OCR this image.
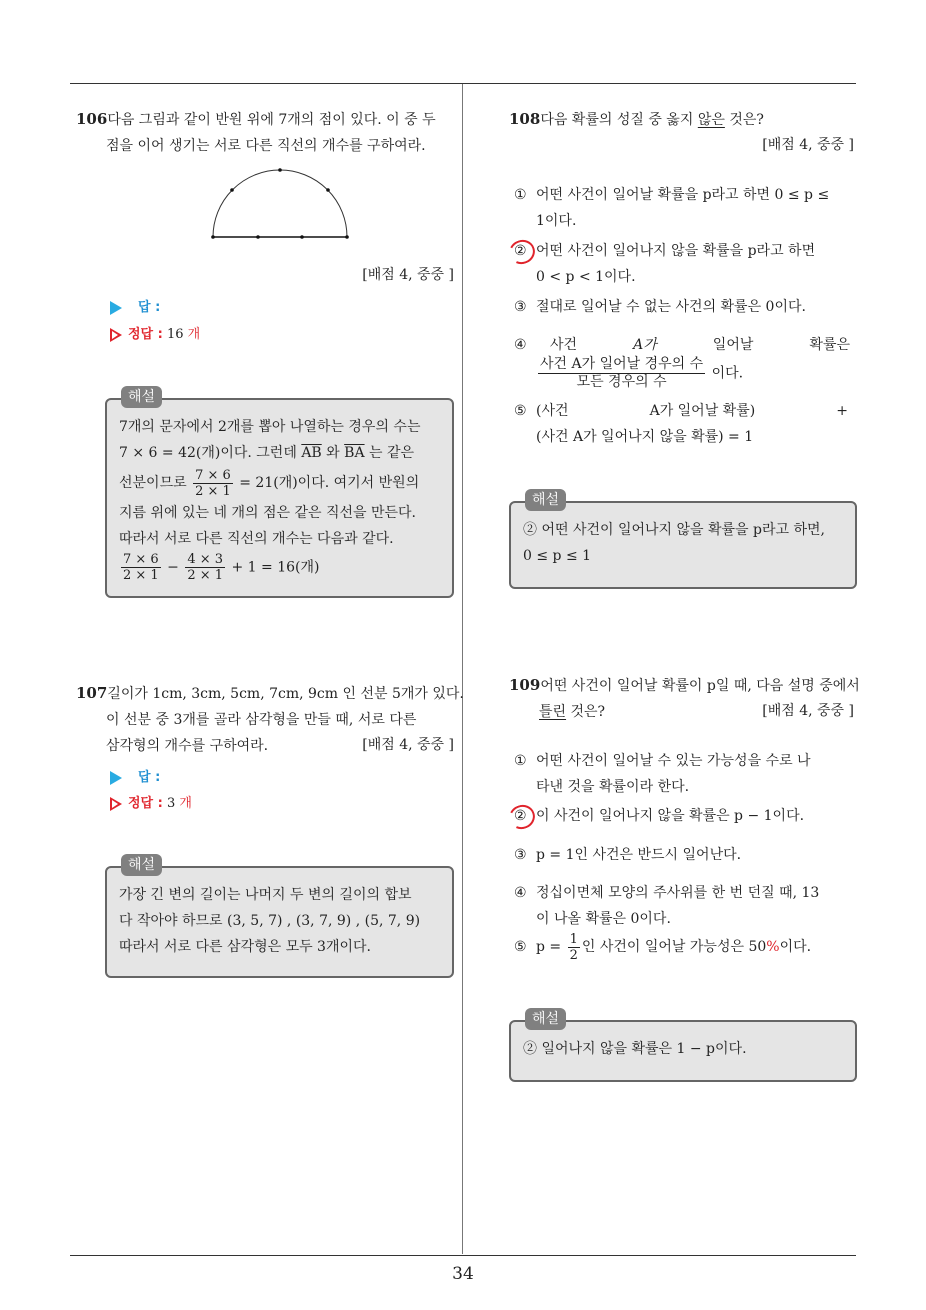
34
106다음 그림과 같이 반원 위에 7개의 점이 있다. 이 중 두
점을 이어 생기는 서로 다른 직선의 개수를 구하여라.
[배점 4, 중중 ]
답 :
정답 : 16 개
해설
7개의 문자에서 2개를 뽑아 나열하는 경우의 수는
7 × 6 = 42(개)이다. 그런데 $\overline{AB}$ 와 $\overline{BA}$ 는 같은
선분이므로 $\frac{7 \times 6}{2 \times 1} = 21$(개)이다. 여기서 반원의
지름 위에 있는 네 개의 점은 같은 직선을 만든다.
따라서 서로 다른 직선의 개수는 다음과 같다.
$\frac{7 \times 6}{2 \times 1} - \frac{4 \times 3}{2 \times 1} + 1 = 16$(개)
107길이가 1cm, 3cm, 5cm, 7cm, 9cm 인 선분 5개가 있다.
이 선분 중 3개를 골라 삼각형을 만들 때, 서로 다른
삼각형의 개수를 구하여라.	[배점 4, 중중 ]
답 :
정답 : 3 개
해설
가장 긴 변의 길이는 나머지 두 변의 길이의 합보
다 작아야 하므로 (3, 5, 7) , (3, 7, 9) , (5, 7, 9)
따라서 서로 다른 삼각형은 모두 3개이다.
108다음 확률의 성질 중 옳지 않은 것은?
[배점 4, 중중 ]
① 어떤 사건이 일어날 확률을 p라고 하면 0 ≤ p ≤
1이다.
② 어떤 사건이 일어나지 않을 확률을 p라고 하면
0 < p < 1이다.
③ 절대로 일어날 수 없는 사건의 확률은 0이다.
④ 사건	A가	일어날	확률은
$\frac{\text{사건 A가 일어날 경우의 수}}{\text{모든 경우의 수}}$ 이다.
⑤ (사건	A가 일어날 확률)	+
(사건 A가 일어나지 않을 확률) = 1
해설
② 어떤 사건이 일어나지 않을 확률을 p라고 하면,
0 ≤ p ≤ 1
109어떤 사건이 일어날 확률이 p일 때, 다음 설명 중에서
틀린 것은?	[배점 4, 중중 ]
① 어떤 사건이 일어날 수 있는 가능성을 수로 나
타낸 것을 확률이라 한다.
② 이 사건이 일어나지 않을 확률은 p − 1이다.
③ p = 1인 사건은 반드시 일어난다.
④ 정십이면체 모양의 주사위를 한 번 던질 때, 13
이 나올 확률은 0이다.
⑤ $p = \frac{1}{2}$ 인 사건이 일어날 가능성은 50%이다.
해설
② 일어나지 않을 확률은 1 − p이다.
